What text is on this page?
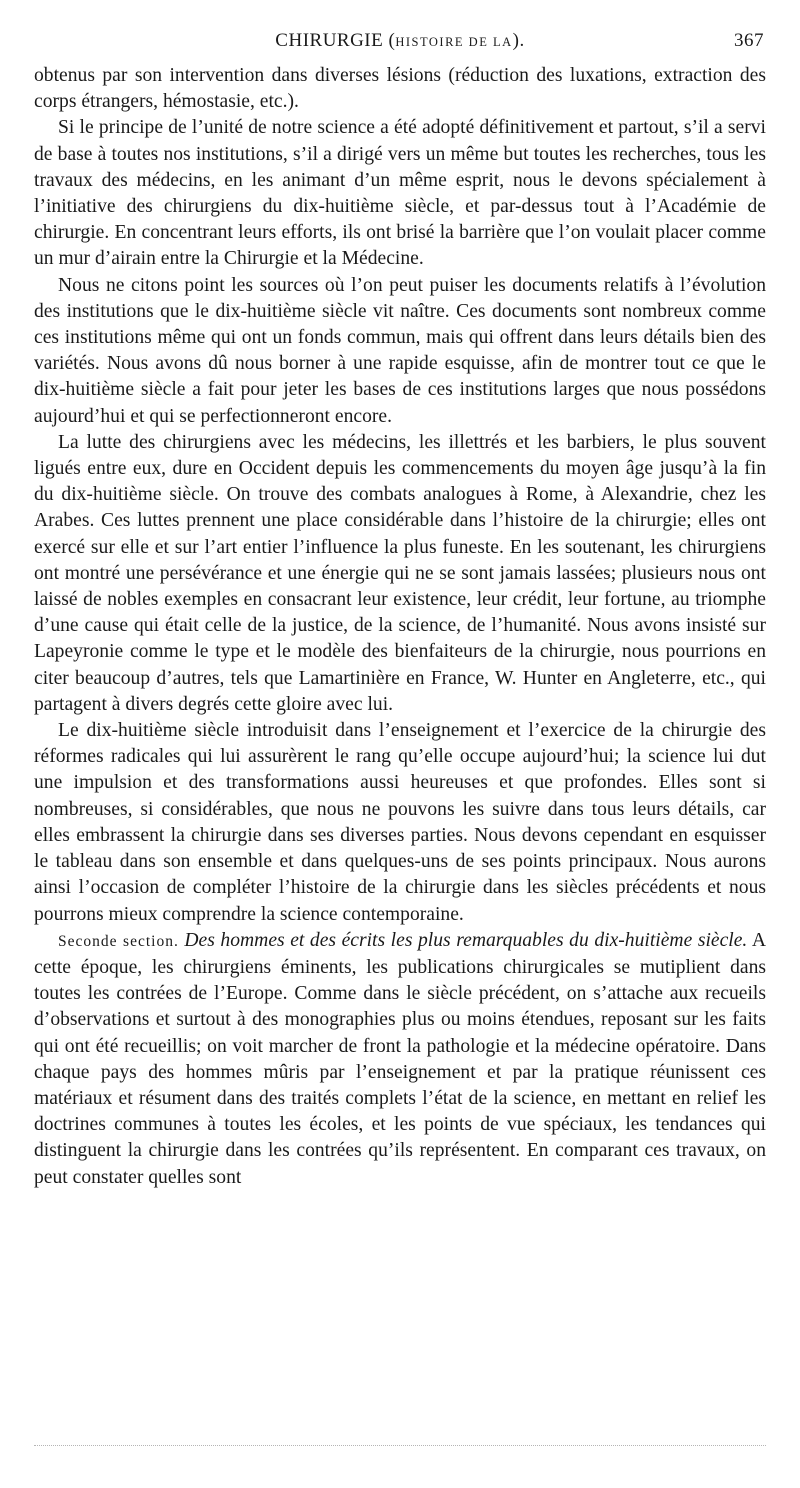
CHIRURGIE (HISTOIRE DE LA).	367

obtenus par son intervention dans diverses lésions (réduction des luxations, extraction des corps étrangers, hémostasie, etc.).

Si le principe de l’unité de notre science a été adopté définitivement et partout, s’il a servi de base à toutes nos institutions, s’il a dirigé vers un même but toutes les recherches, tous les travaux des médecins, en les animant d’un même esprit, nous le devons spécialement à l’initiative des chirurgiens du dix-huitième siècle, et par-dessus tout à l’Académie de chirurgie. En concentrant leurs efforts, ils ont brisé la barrière que l’on voulait placer comme un mur d’airain entre la Chirurgie et la Médecine.

Nous ne citons point les sources où l’on peut puiser les documents relatifs à l’évolution des institutions que le dix-huitième siècle vit naître. Ces documents sont nombreux comme ces institutions même qui ont un fonds commun, mais qui offrent dans leurs détails bien des variétés. Nous avons dû nous borner à une rapide esquisse, afin de montrer tout ce que le dix-huitième siècle a fait pour jeter les bases de ces institutions larges que nous possédons aujourd’hui et qui se perfectionneront encore.

La lutte des chirurgiens avec les médecins, les illettrés et les barbiers, le plus souvent ligués entre eux, dure en Occident depuis les commencements du moyen âge jusqu’à la fin du dix-huitième siècle. On trouve des combats analogues à Rome, à Alexandrie, chez les Arabes. Ces luttes prennent une place considérable dans l’histoire de la chirurgie; elles ont exercé sur elle et sur l’art entier l’influence la plus funeste. En les soutenant, les chirurgiens ont montré une persévérance et une énergie qui ne se sont jamais lassées; plusieurs nous ont laissé de nobles exemples en consacrant leur existence, leur crédit, leur fortune, au triomphe d’une cause qui était celle de la justice, de la science, de l’humanité. Nous avons insisté sur Lapeyronie comme le type et le modèle des bienfaiteurs de la chirurgie, nous pourrions en citer beaucoup d’autres, tels que Lamartinière en France, W. Hunter en Angleterre, etc., qui partagent à divers degrés cette gloire avec lui.

Le dix-huitième siècle introduisit dans l’enseignement et l’exercice de la chirurgie des réformes radicales qui lui assurèrent le rang qu’elle occupe aujourd’hui; la science lui dut une impulsion et des transformations aussi heureuses et que profondes. Elles sont si nombreuses, si considérables, que nous ne pouvons les suivre dans tous leurs détails, car elles embrassent la chirurgie dans ses diverses parties. Nous devons cependant en esquisser le tableau dans son ensemble et dans quelques-uns de ses points principaux. Nous aurons ainsi l’occasion de compléter l’histoire de la chirurgie dans les siècles précédents et nous pourrons mieux comprendre la science contemporaine.

Seconde section. Des hommes et des écrits les plus remarquables du dix-huitième siècle. A cette époque, les chirurgiens éminents, les publications chirurgicales se mutiplient dans toutes les contrées de l’Europe. Comme dans le siècle précédent, on s’attache aux recueils d’observations et surtout à des monographies plus ou moins étendues, reposant sur les faits qui ont été recueillis; on voit marcher de front la pathologie et la médecine opératoire. Dans chaque pays des hommes mûris par l’enseignement et par la pratique réunissent ces matériaux et résument dans des traités complets l’état de la science, en mettant en relief les doctrines communes à toutes les écoles, et les points de vue spéciaux, les tendances qui distinguent la chirurgie dans les contrées qu’ils représentent. En comparant ces travaux, on peut constater quelles sont
